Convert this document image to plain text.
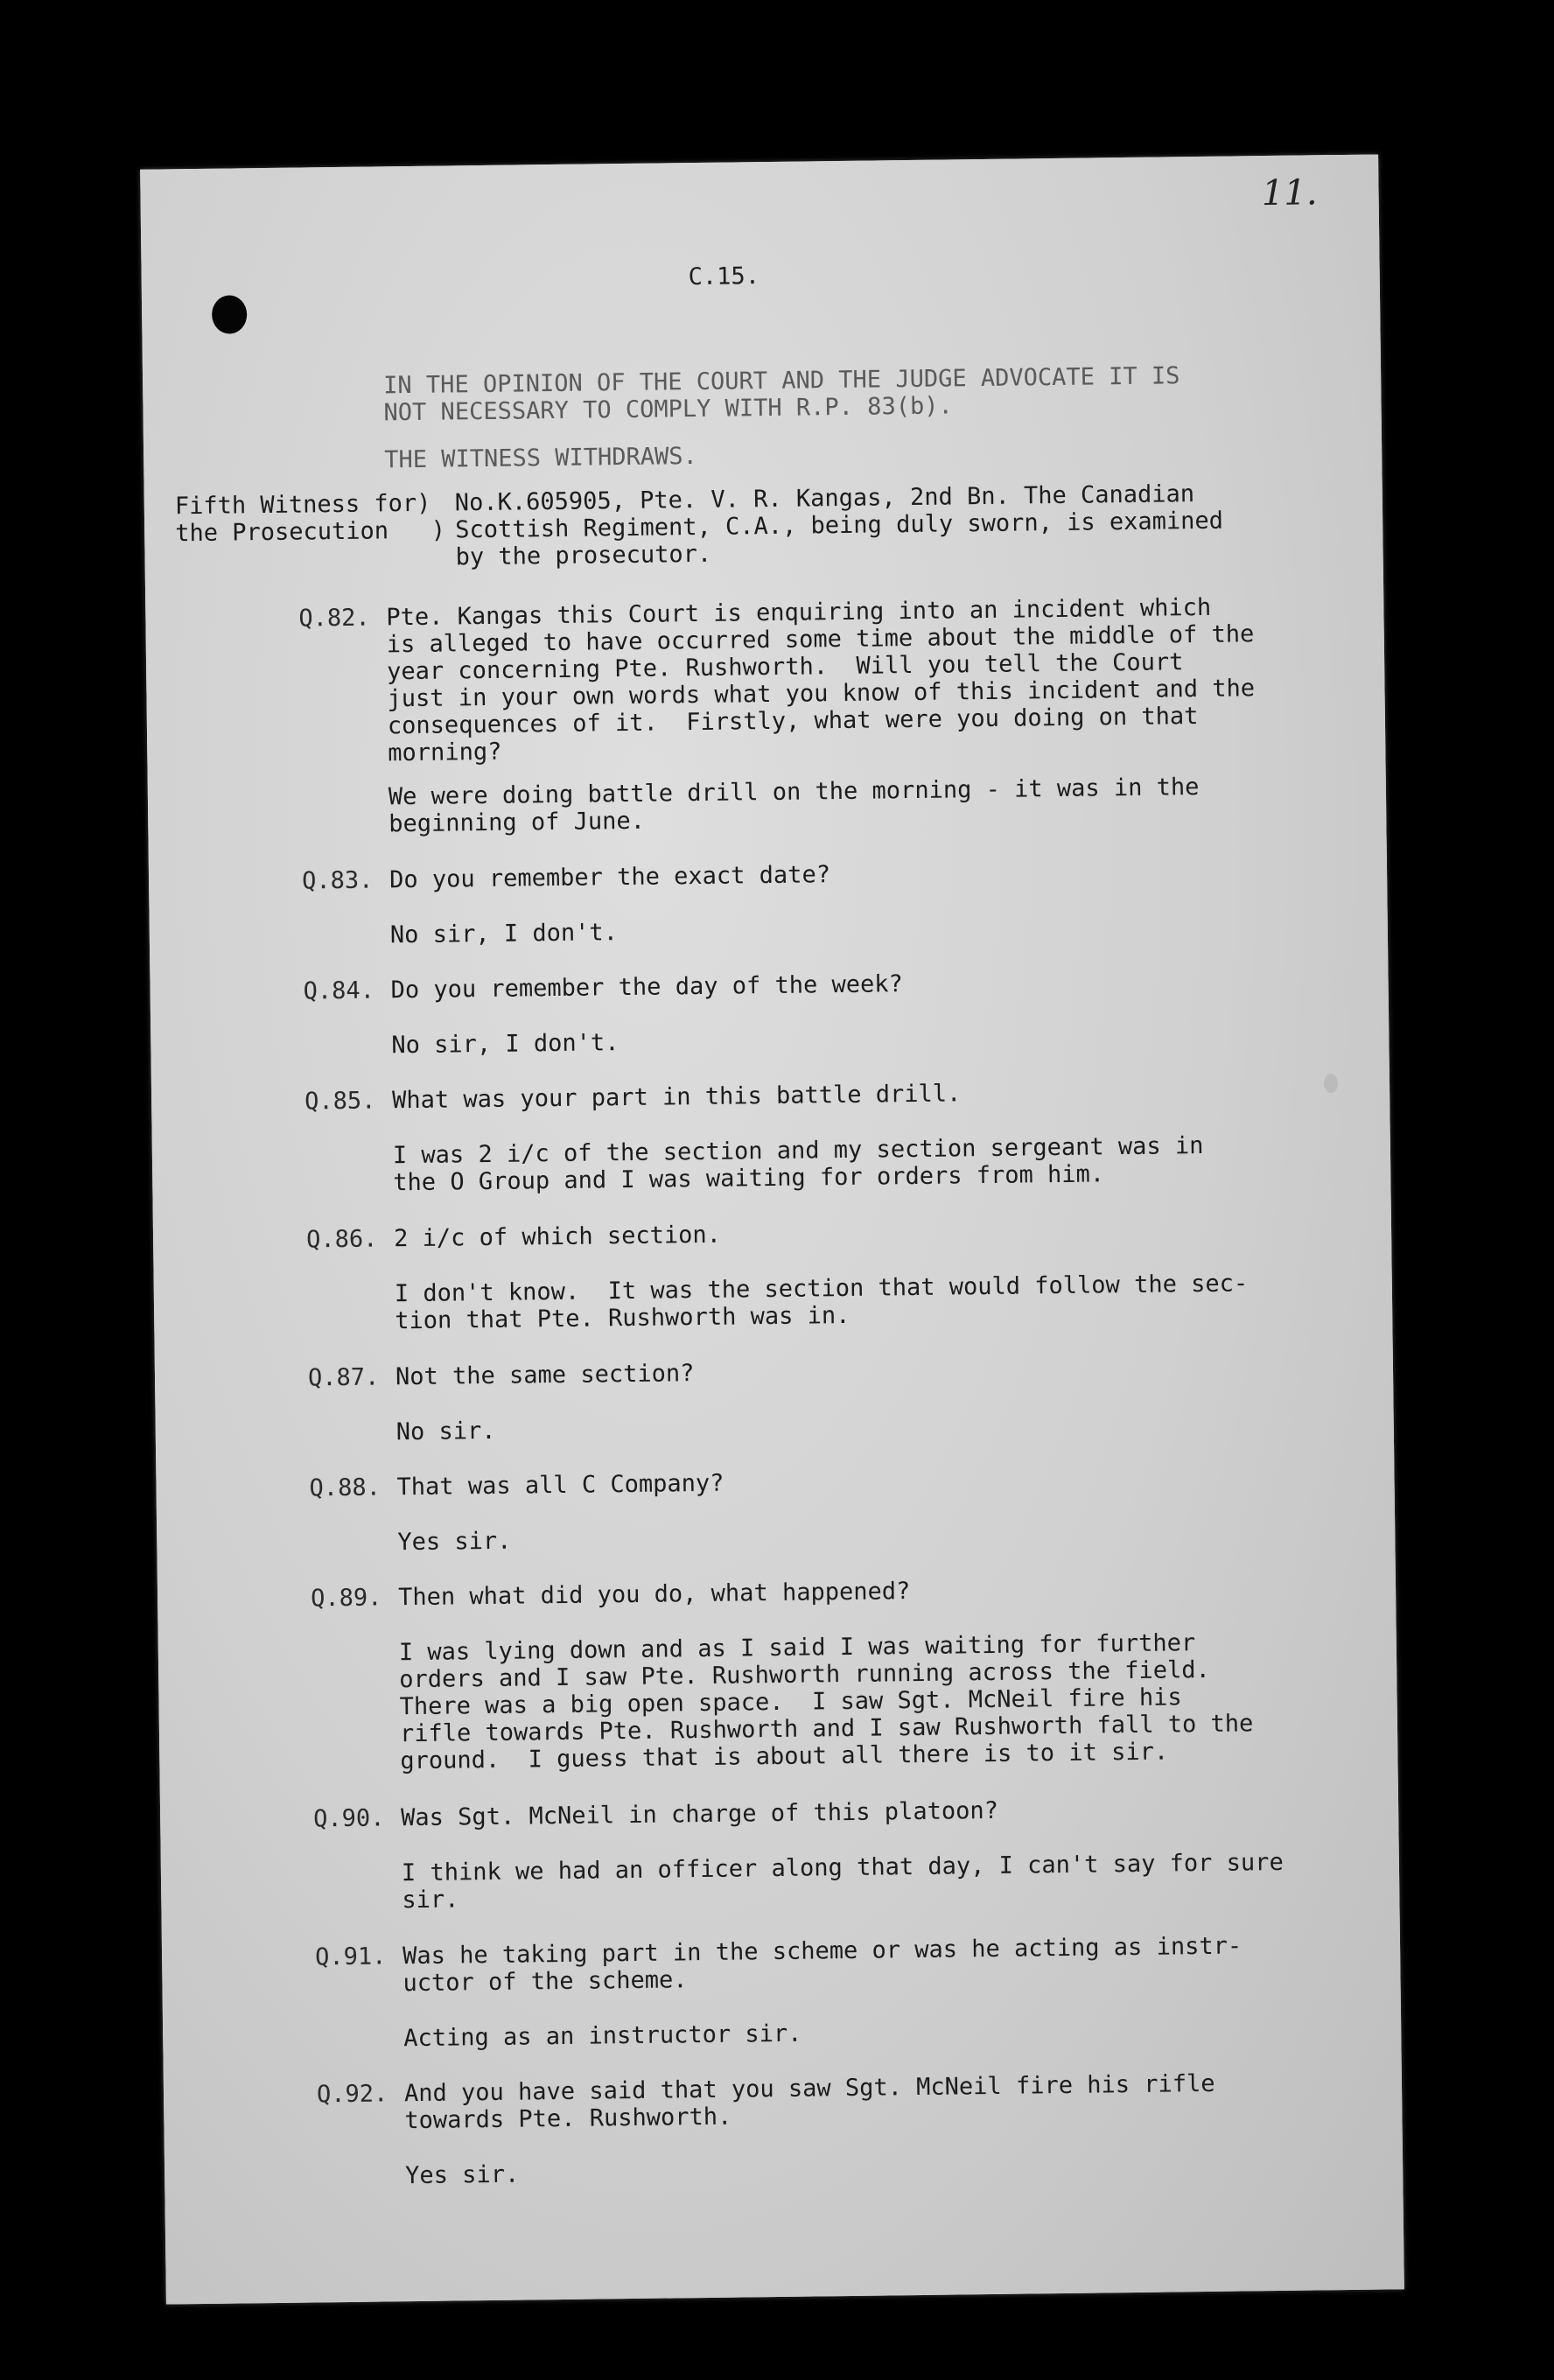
11.
C.15.
IN THE OPINION OF THE COURT AND THE JUDGE ADVOCATE IT IS
NOT NECESSARY TO COMPLY WITH R.P. 83(b).
THE WITNESS WITHDRAWS.
Fifth Witness for)
the Prosecution   )
No.K.605905, Pte. V. R. Kangas, 2nd Bn. The Canadian
Scottish Regiment, C.A., being duly sworn, is examined
by the prosecutor.
Q.82. Pte. Kangas this Court is enquiring into an incident which
is alleged to have occurred some time about the middle of the
year concerning Pte. Rushworth.  Will you tell the Court
just in your own words what you know of this incident and the
consequences of it.  Firstly, what were you doing on that
morning?
We were doing battle drill on the morning - it was in the
beginning of June.
Q.83. Do you remember the exact date?
No sir, I don't.
Q.84. Do you remember the day of the week?
No sir, I don't.
Q.85. What was your part in this battle drill.
I was 2 i/c of the section and my section sergeant was in
the O Group and I was waiting for orders from him.
Q.86. 2 i/c of which section.
I don't know.  It was the section that would follow the sec-
tion that Pte. Rushworth was in.
Q.87. Not the same section?
No sir.
Q.88. That was all C Company?
Yes sir.
Q.89. Then what did you do, what happened?
I was lying down and as I said I was waiting for further
orders and I saw Pte. Rushworth running across the field.
There was a big open space.  I saw Sgt. McNeil fire his
rifle towards Pte. Rushworth and I saw Rushworth fall to the
ground.  I guess that is about all there is to it sir.
Q.90. Was Sgt. McNeil in charge of this platoon?
I think we had an officer along that day, I can't say for sure
sir.
Q.91. Was he taking part in the scheme or was he acting as instr-
uctor of the scheme.
Acting as an instructor sir.
Q.92. And you have said that you saw Sgt. McNeil fire his rifle
towards Pte. Rushworth.
Yes sir.
